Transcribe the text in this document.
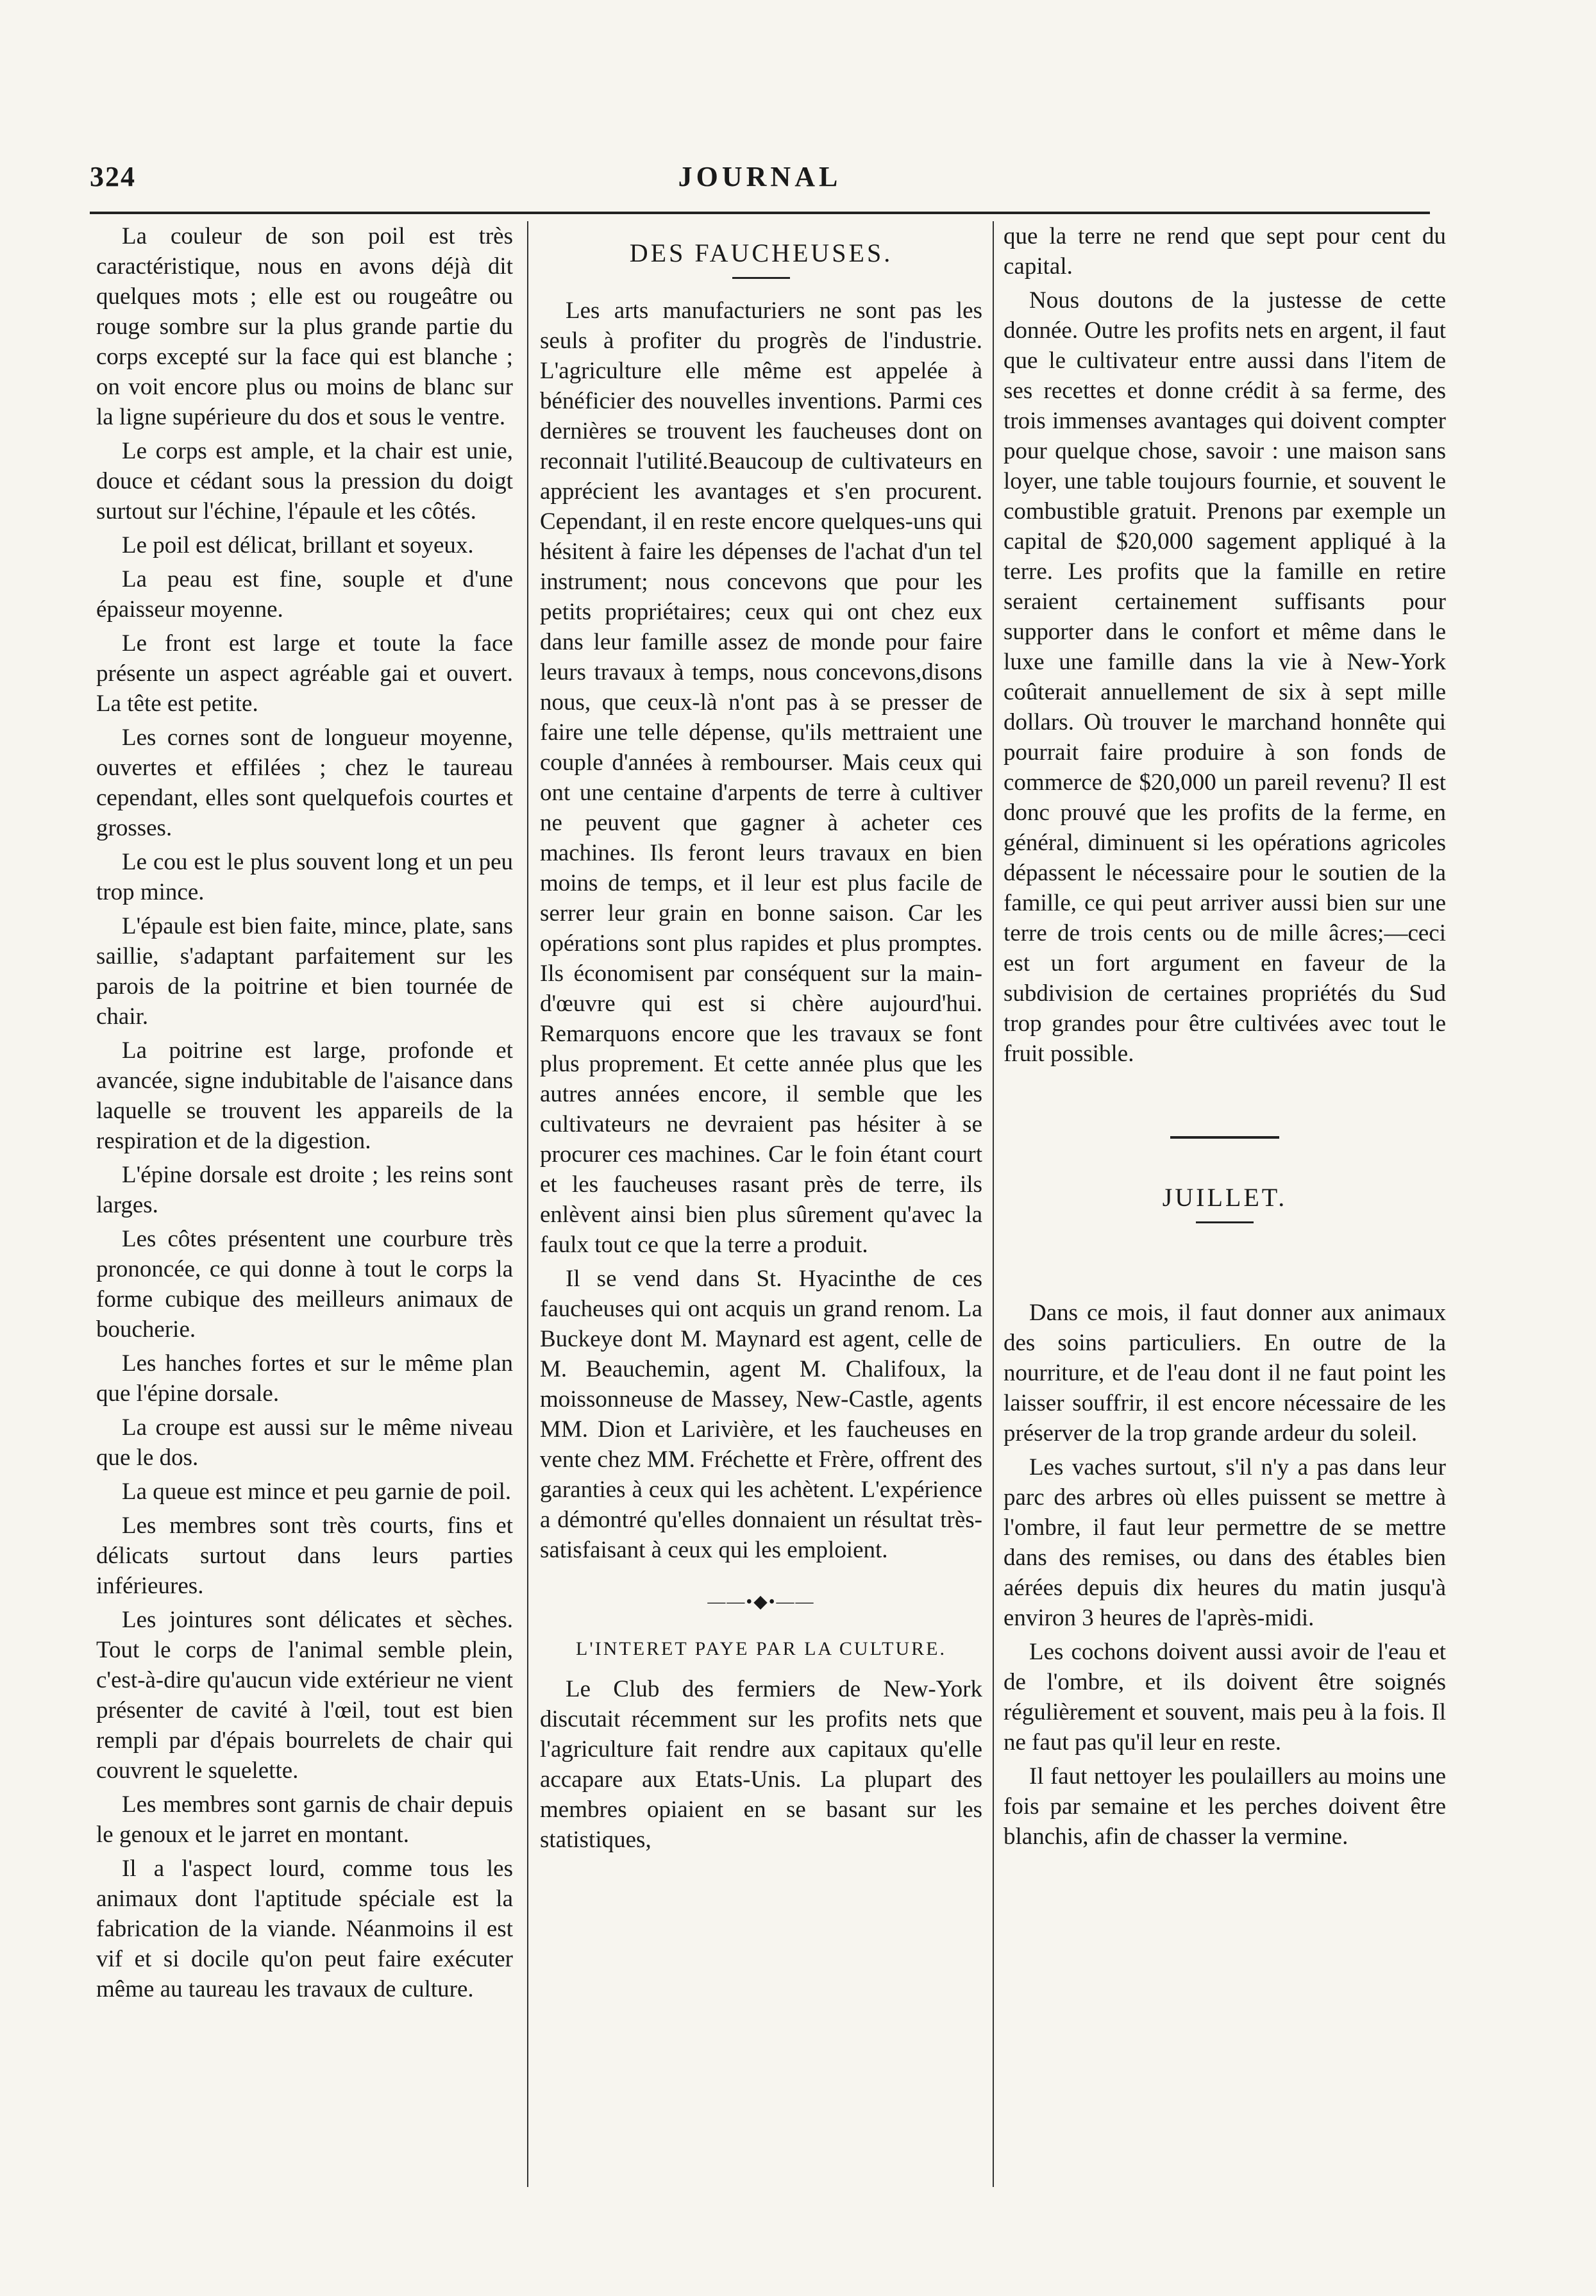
324	JOURNAL

La couleur de son poil est très caractéristique, nous en avons déjà dit quelques mots ; elle est ou rougeâtre ou rouge sombre sur la plus grande partie du corps excepté sur la face qui est blanche ; on voit encore plus ou moins de blanc sur la ligne supérieure du dos et sous le ventre.

Le corps est ample, et la chair est unie, douce et cédant sous la pression du doigt surtout sur l'échine, l'épaule et les côtés.

Le poil est délicat, brillant et soyeux.

La peau est fine, souple et d'une épaisseur moyenne.

Le front est large et toute la face présente un aspect agréable gai et ouvert. La tête est petite.

Les cornes sont de longueur moyenne, ouvertes et effilées ; chez le taureau cependant, elles sont quelquefois courtes et grosses.

Le cou est le plus souvent long et un peu trop mince.

L'épaule est bien faite, mince, plate, sans saillie, s'adaptant parfaitement sur les parois de la poitrine et bien tournée de chair.

La poitrine est large, profonde et avancée, signe indubitable de l'aisance dans laquelle se trouvent les appareils de la respiration et de la digestion.

L'épine dorsale est droite ; les reins sont larges.

Les côtes présentent une courbure très prononcée, ce qui donne à tout le corps la forme cubique des meilleurs animaux de boucherie.

Les hanches fortes et sur le même plan que l'épine dorsale.

La croupe est aussi sur le même niveau que le dos.

La queue est mince et peu garnie de poil.

Les membres sont très courts, fins et délicats surtout dans leurs parties inférieures.

Les jointures sont délicates et sèches. Tout le corps de l'animal semble plein, c'est-à-dire qu'aucun vide extérieur ne vient présenter de cavité à l'œil, tout est bien rempli par d'épais bourrelets de chair qui couvrent le squelette.

Les membres sont garnis de chair depuis le genoux et le jarret en montant.

Il a l'aspect lourd, comme tous les animaux dont l'aptitude spéciale est la fabrication de la viande. Néanmoins il est vif et si docile qu'on peut faire exécuter même au taureau les travaux de culture.

DES FAUCHEUSES.

Les arts manufacturiers ne sont pas les seuls à profiter du progrès de l'industrie. L'agriculture elle même est appelée à bénéficier des nouvelles inventions. Parmi ces dernières se trouvent les faucheuses dont on reconnait l'utilité.Beaucoup de cultivateurs en apprécient les avantages et s'en procurent. Cependant, il en reste encore quelques-uns qui hésitent à faire les dépenses de l'achat d'un tel instrument; nous concevons que pour les petits propriétaires; ceux qui ont chez eux dans leur famille assez de monde pour faire leurs travaux à temps, nous concevons,disons nous, que ceux-là n'ont pas à se presser de faire une telle dépense, qu'ils mettraient une couple d'années à rembourser. Mais ceux qui ont une centaine d'arpents de terre à cultiver ne peuvent que gagner à acheter ces machines. Ils feront leurs travaux en bien moins de temps, et il leur est plus facile de serrer leur grain en bonne saison. Car les opérations sont plus rapides et plus promptes. Ils économisent par conséquent sur la main-d'œuvre qui est si chère aujourd'hui. Remarquons encore que les travaux se font plus proprement. Et cette année plus que les autres années encore, il semble que les cultivateurs ne devraient pas hésiter à se procurer ces machines. Car le foin étant court et les faucheuses rasant près de terre, ils enlèvent ainsi bien plus sûrement qu'avec la faulx tout ce que la terre a produit.

Il se vend dans St. Hyacinthe de ces faucheuses qui ont acquis un grand renom. La Buckeye dont M. Maynard est agent, celle de M. Beauchemin, agent M. Chalifoux, la moissonneuse de Massey, New-Castle, agents MM. Dion et Larivière, et les faucheuses en vente chez MM. Fréchette et Frère, offrent des garanties à ceux qui les achètent. L'expérience a démontré qu'elles donnaient un résultat très-satisfaisant à ceux qui les emploient.

——•◆•——
L'INTERET PAYE PAR LA CULTURE.

Le Club des fermiers de New-York discutait récemment sur les profits nets que l'agriculture fait rendre aux capitaux qu'elle accapare aux Etats-Unis. La plupart des membres opiaient en se basant sur les statistiques,

que la terre ne rend que sept pour cent du capital.

Nous doutons de la justesse de cette donnée. Outre les profits nets en argent, il faut que le cultivateur entre aussi dans l'item de ses recettes et donne crédit à sa ferme, des trois immenses avantages qui doivent compter pour quelque chose, savoir : une maison sans loyer, une table toujours fournie, et souvent le combustible gratuit. Prenons par exemple un capital de $20,000 sagement appliqué à la terre. Les profits que la famille en retire seraient certainement suffisants pour supporter dans le confort et même dans le luxe une famille dans la vie à New-York coûterait annuellement de six à sept mille dollars. Où trouver le marchand honnête qui pourrait faire produire à son fonds de commerce de $20,000 un pareil revenu? Il est donc prouvé que les profits de la ferme, en général, diminuent si les opérations agricoles dépassent le nécessaire pour le soutien de la famille, ce qui peut arriver aussi bien sur une terre de trois cents ou de mille âcres;—ceci est un fort argument en faveur de la subdivision de certaines propriétés du Sud trop grandes pour être cultivées avec tout le fruit possible.

JUILLET.

Dans ce mois, il faut donner aux animaux des soins particuliers. En outre de la nourriture, et de l'eau dont il ne faut point les laisser souffrir, il est encore nécessaire de les préserver de la trop grande ardeur du soleil.

Les vaches surtout, s'il n'y a pas dans leur parc des arbres où elles puissent se mettre à l'ombre, il faut leur permettre de se mettre dans des remises, ou dans des étables bien aérées depuis dix heures du matin jusqu'à environ 3 heures de l'après-midi.

Les cochons doivent aussi avoir de l'eau et de l'ombre, et ils doivent être soignés régulièrement et souvent, mais peu à la fois. Il ne faut pas qu'il leur en reste.

Il faut nettoyer les poulaillers au moins une fois par semaine et les perches doivent être blanchis, afin de chasser la vermine.
